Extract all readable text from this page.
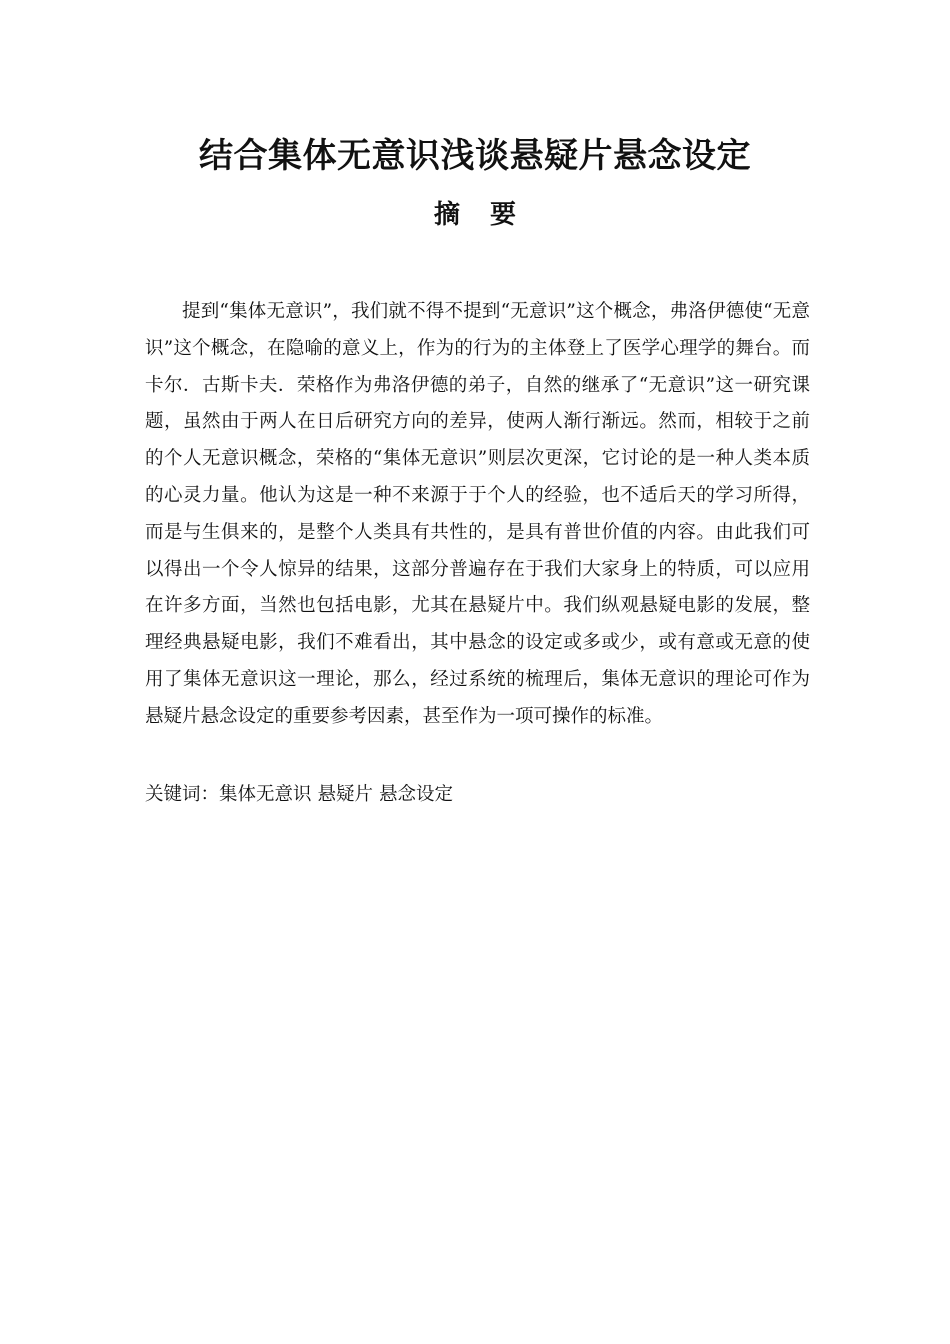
结合集体无意识浅谈悬疑片悬念设定
摘要

提到“集体无意识”，我们就不得不提到“无意识”这个概念，弗洛伊德使“无意识”这个概念，在隐喻的意义上，作为的行为的主体登上了医学心理学的舞台。而卡尔．古斯卡夫．荣格作为弗洛伊德的弟子，自然的继承了“无意识”这一研究课题，虽然由于两人在日后研究方向的差异，使两人渐行渐远。然而，相较于之前的个人无意识概念，荣格的“集体无意识”则层次更深，它讨论的是一种人类本质的心灵力量。他认为这是一种不来源于于个人的经验，也不适后天的学习所得，而是与生俱来的，是整个人类具有共性的，是具有普世价值的内容。由此我们可以得出一个令人惊异的结果，这部分普遍存在于我们大家身上的特质，可以应用在许多方面，当然也包括电影，尤其在悬疑片中。我们纵观悬疑电影的发展，整理经典悬疑电影，我们不难看出，其中悬念的设定或多或少，或有意或无意的使用了集体无意识这一理论，那么，经过系统的梳理后，集体无意识的理论可作为悬疑片悬念设定的重要参考因素，甚至作为一项可操作的标准。

关键词：集体无意识 悬疑片 悬念设定
